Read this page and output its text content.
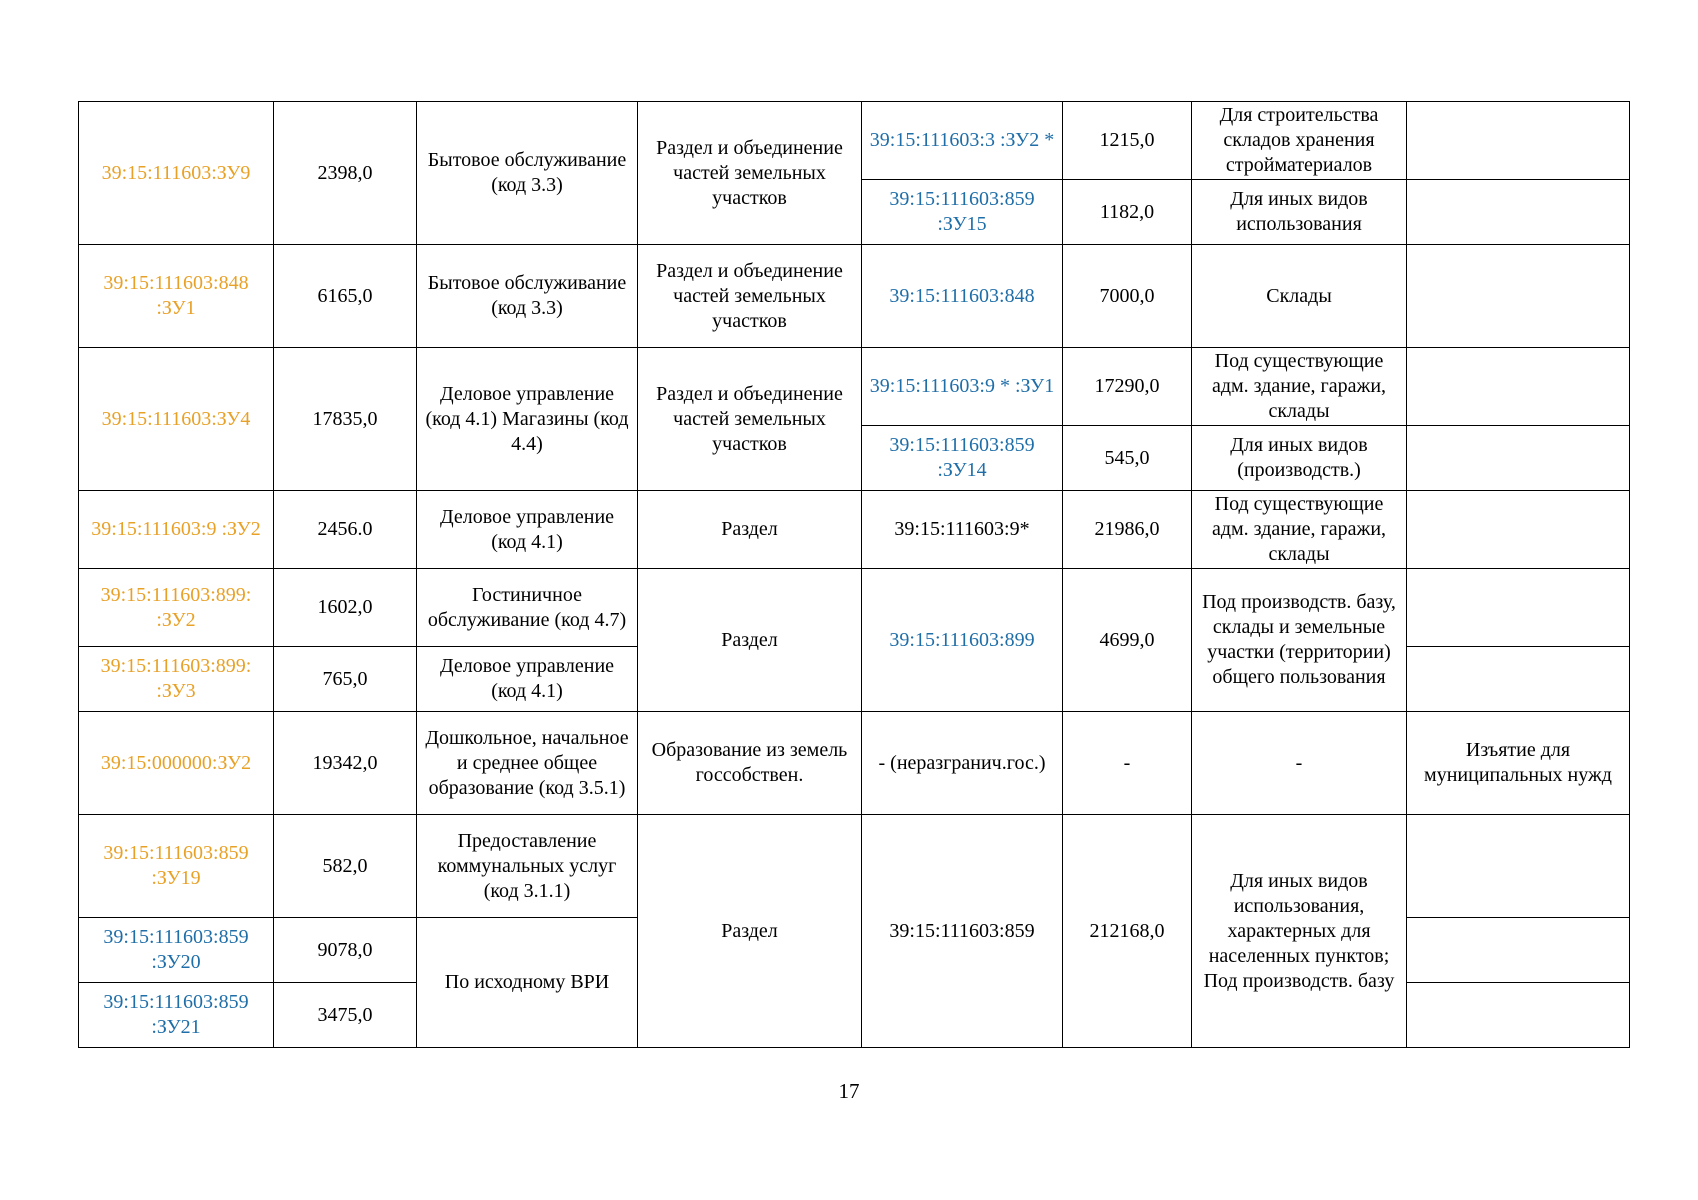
39:15:111603:ЗУ9	2398,0	Бытовое обслуживание (код 3.3)	Раздел и объединение частей земельных участков	39:15:111603:3 :ЗУ2 *	1215,0	Для строительства складов хранения стройматериалов	
				39:15:111603:859 :ЗУ15	1182,0	Для иных видов использования	
39:15:111603:848 :ЗУ1	6165,0	Бытовое обслуживание (код 3.3)	Раздел и объединение частей земельных участков	39:15:111603:848	7000,0	Склады	
39:15:111603:ЗУ4	17835,0	Деловое управление (код 4.1) Магазины (код 4.4)	Раздел и объединение частей земельных участков	39:15:111603:9 * :ЗУ1	17290,0	Под существующие адм. здание, гаражи, склады	
				39:15:111603:859 :ЗУ14	545,0	Для иных видов (производств.)	
39:15:111603:9 :ЗУ2	2456.0	Деловое управление (код 4.1)	Раздел	39:15:111603:9*	21986,0	Под существующие адм. здание, гаражи, склады	
39:15:111603:899: :ЗУ2	1602,0	Гостиничное обслуживание (код 4.7)	Раздел	39:15:111603:899	4699,0	Под производств. базу, склады и земельные участки (территории) общего пользования	
39:15:111603:899: :ЗУ3	765,0	Деловое управление (код 4.1)					
39:15:000000:ЗУ2	19342,0	Дошкольное, начальное и среднее общее образование (код 3.5.1)	Образование из земель госсобствен.	- (неразгранич.гос.)	-	-	Изъятие для муниципальных нужд
39:15:111603:859 :ЗУ19	582,0	Предоставление коммунальных услуг (код 3.1.1)	Раздел	39:15:111603:859	212168,0	Для иных видов использования, характерных для населенных пунктов; Под производств. базу	
39:15:111603:859 :ЗУ20	9078,0	По исходному ВРИ					
39:15:111603:859 :ЗУ21	3475,0						
17
